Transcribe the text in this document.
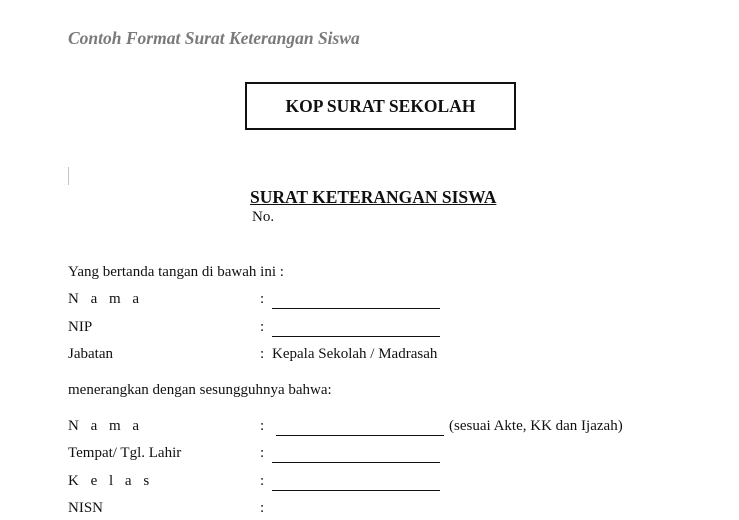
Contoh Format Surat Keterangan Siswa
KOP SURAT SEKOLAH
SURAT KETERANGAN SISWA
No.
Yang bertanda tangan di bawah ini :
N a m a	:
NIP	:
Jabatan	: Kepala Sekolah / Madrasah
menerangkan dengan sesungguhnya bahwa:
N a m a	:	(sesuai Akte, KK dan Ijazah)
Tempat/ Tgl. Lahir	:
K e l a s	:
NISN	:
